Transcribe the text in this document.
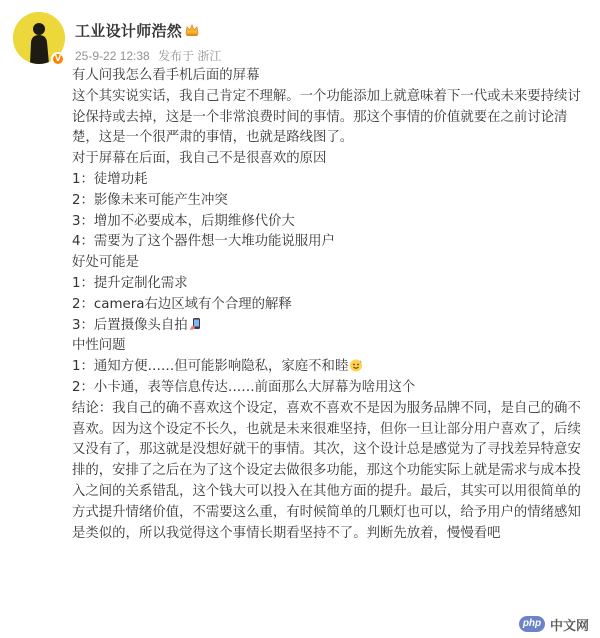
V
工业设计师浩然
25-9-22 12:38 发布于 浙江

有人问我怎么看手机后面的屏幕

这个其实说实话，我自己肯定不理解。一个功能添加上就意味着下一代或未来要持续讨论保持或去掉，这是一个非常浪费时间的事情。那这个事情的价值就要在之前讨论清楚，这是一个很严肃的事情，也就是路线图了。

对于屏幕在后面，我自己不是很喜欢的原因

1：徒增功耗

2：影像未来可能产生冲突

3：增加不必要成本，后期维修代价大

4：需要为了这个器件想一大堆功能说服用户

好处可能是

1：提升定制化需求

2：camera右边区域有个合理的解释

3：后置摄像头自拍

中性问题

1：通知方便……但可能影响隐私，家庭不和睦

2：小卡通，表等信息传达……前面那么大屏幕为啥用这个

结论：我自己的确不喜欢这个设定，喜欢不喜欢不是因为服务品牌不同，是自己的确不喜欢。因为这个设定不长久，也就是未来很难坚持，但你一旦让部分用户喜欢了，后续又没有了，那这就是没想好就干的事情。其次，这个设计总是感觉为了寻找差异特意安排的，安排了之后在为了这个设定去做很多功能，那这个功能实际上就是需求与成本投入之间的关系错乱，这个钱大可以投入在其他方面的提升。最后，其实可以用很简单的方式提升情绪价值，不需要这么重，有时候简单的几颗灯也可以，给予用户的情绪感知是类似的，所以我觉得这个事情长期看坚持不了。判断先放着，慢慢看吧

php 中文网
